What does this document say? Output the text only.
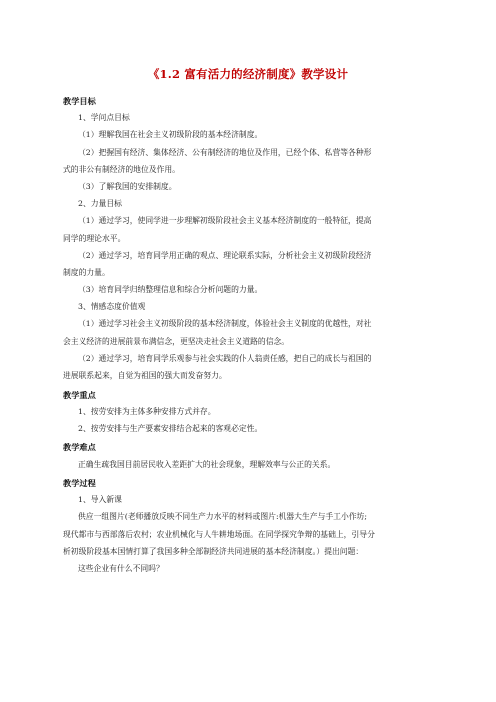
《1.2 富有活力的经济制度》教学设计

教学目标

1、学问点目标

（1）理解我国在社会主义初级阶段的基本经济制度。

（2）把握国有经济、集体经济、公有制经济的地位及作用，已经个体、私营等各种形

式的非公有制经济的地位及作用。

（3）了解我国的安排制度。

2、力量目标

（1）通过学习，使同学进一步理解初级阶段社会主义基本经济制度的一般特征，提高

同学的理论水平。

（2）通过学习，培育同学用正确的观点、理论联系实际，分析社会主义初级阶段经济

制度的力量。

（3）培育同学归纳整理信息和综合分析问题的力量。

3、情感态度价值观

（1）通过学习社会主义初级阶段的基本经济制度，体验社会主义制度的优越性，对社

会主义经济的进展前景布满信念，更坚决走社会主义道路的信念。

（2）通过学习，培育同学乐观参与社会实践的仆人翁责任感，把自己的成长与祖国的

进展联系起来，自觉为祖国的强大而发奋努力。

教学重点

1、按劳安排为主体多种安排方式并存。

2、按劳安排与生产要素安排结合起来的客观必定性。

教学难点

正确生疏我国目前居民收入差距扩大的社会现象，理解效率与公正的关系。

教学过程

1、导入新课

供应一组图片(老师播放反映不同生产力水平的材料或图片:机器大生产与手工小作坊;

现代都市与西部落后农村；农业机械化与人牛耕地场面。在同学探究争辩的基础上，引导分

析初级阶段基本国情打算了我国多种全部制经济共同进展的基本经济制度。）提出问题：

这些企业有什么不同吗？
